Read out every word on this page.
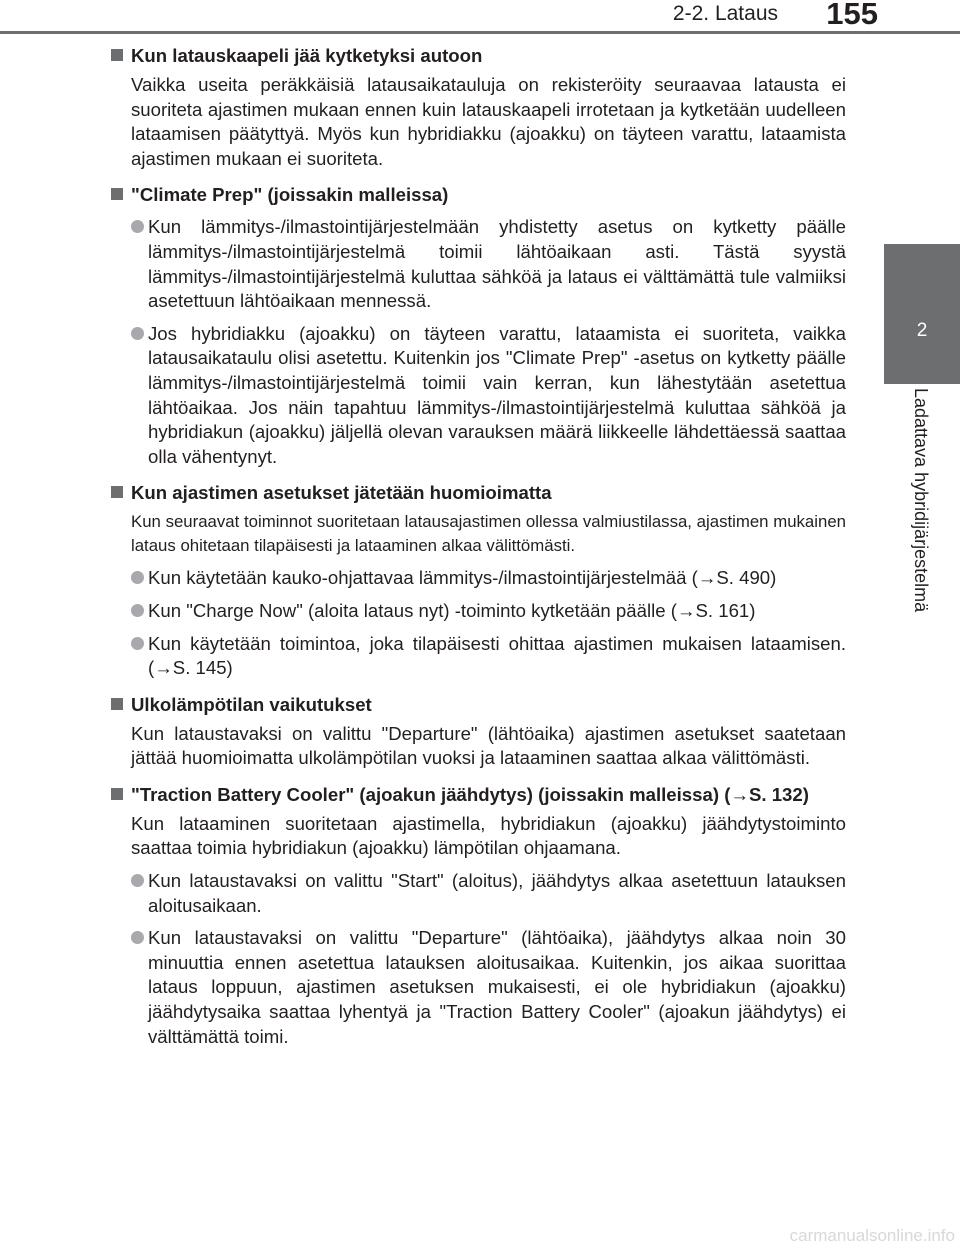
2-2. Lataus	155
2
Ladattava hybridijärjestelmä
Kun latauskaapeli jää kytketyksi autoon
Vaikka useita peräkkäisiä latausaikatauluja on rekisteröity seuraavaa latausta ei suoriteta ajastimen mukaan ennen kuin latauskaapeli irrotetaan ja kytketään uudelleen lataamisen päätyttyä. Myös kun hybridiakku (ajoakku) on täyteen varattu, lataamista ajastimen mukaan ei suoriteta.
"Climate Prep" (joissakin malleissa)
Kun lämmitys-/ilmastointijärjestelmään yhdistetty asetus on kytketty päälle lämmitys-/ilmastointijärjestelmä toimii lähtöaikaan asti. Tästä syystä lämmitys-/ilmastointijärjestelmä kuluttaa sähköä ja lataus ei välttämättä tule valmiiksi asetettuun lähtöaikaan mennessä.
Jos hybridiakku (ajoakku) on täyteen varattu, lataamista ei suoriteta, vaikka latausaikataulu olisi asetettu. Kuitenkin jos "Climate Prep" -asetus on kytketty päälle lämmitys-/ilmastointijärjestelmä toimii vain kerran, kun lähestytään asetettua lähtöaikaa. Jos näin tapahtuu lämmitys-/ilmastointijärjestelmä kuluttaa sähköä ja hybridiakun (ajoakku) jäljellä olevan varauksen määrä liikkeelle lähdettäessä saattaa olla vähentynyt.
Kun ajastimen asetukset jätetään huomioimatta
Kun seuraavat toiminnot suoritetaan latausajastimen ollessa valmiustilassa, ajastimen mukainen lataus ohitetaan tilapäisesti ja lataaminen alkaa välittömästi.
Kun käytetään kauko-ohjattavaa lämmitys-/ilmastointijärjestelmää (→S. 490)
Kun "Charge Now" (aloita lataus nyt) -toiminto kytketään päälle (→S. 161)
Kun käytetään toimintoa, joka tilapäisesti ohittaa ajastimen mukaisen lataamisen. (→S. 145)
Ulkolämpötilan vaikutukset
Kun lataustavaksi on valittu "Departure" (lähtöaika) ajastimen asetukset saatetaan jättää huomioimatta ulkolämpötilan vuoksi ja lataaminen saattaa alkaa välittömästi.
"Traction Battery Cooler" (ajoakun jäähdytys) (joissakin malleissa) (→S. 132)
Kun lataaminen suoritetaan ajastimella, hybridiakun (ajoakku) jäähdytystoiminto saattaa toimia hybridiakun (ajoakku) lämpötilan ohjaamana.
Kun lataustavaksi on valittu "Start" (aloitus), jäähdytys alkaa asetettuun latauksen aloitusaikaan.
Kun lataustavaksi on valittu "Departure" (lähtöaika), jäähdytys alkaa noin 30 minuuttia ennen asetettua latauksen aloitusaikaa. Kuitenkin, jos aikaa suorittaa lataus loppuun, ajastimen asetuksen mukaisesti, ei ole hybridiakun (ajoakku) jäähdytysaika saattaa lyhentyä ja "Traction Battery Cooler" (ajoakun jäähdytys) ei välttämättä toimi.
carmanualsonline.info
